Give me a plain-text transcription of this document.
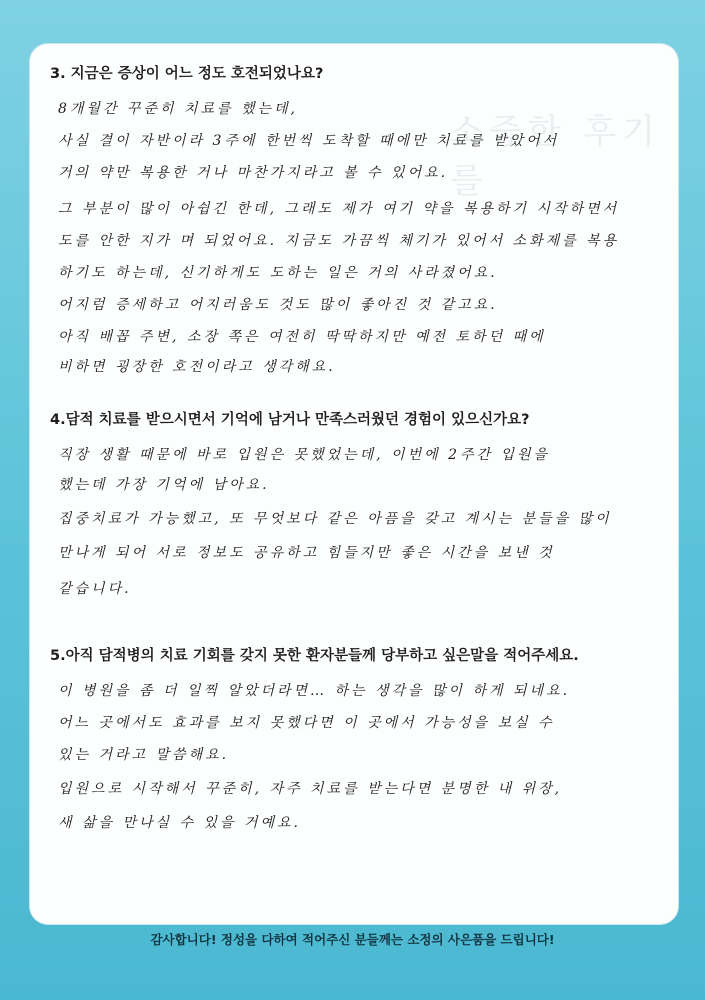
소중한 후기를
3. 지금은 증상이 어느 정도 호전되었나요?
8개월간 꾸준히 치료를 했는데,
사실 결이 자반이라 3주에 한번씩 도착할 때에만 치료를 받았어서
거의 약만 복용한 거나 마찬가지라고 볼 수 있어요.
그 부분이 많이 아쉽긴 한데, 그래도 제가 여기 약을 복용하기 시작하면서
도를 안한 지가 며 되었어요. 지금도 가끔씩 체기가 있어서 소화제를 복용
하기도 하는데, 신기하게도 도하는 일은 거의 사라졌어요.
어지럼 증세하고 어지러움도 것도 많이 좋아진 것 같고요.
아직 배꼽 주변, 소장 쪽은 여전히 딱딱하지만 예전 토하던 때에
비하면 굉장한 호전이라고 생각해요.
4.담적 치료를 받으시면서 기억에 남거나 만족스러웠던 경험이 있으신가요?
직장 생활 때문에 바로 입원은 못했었는데, 이번에 2주간 입원을
했는데 가장 기억에 남아요.
집중치료가 가능했고, 또 무엇보다 같은 아픔을 갖고 계시는 분들을 많이
만나게 되어 서로 정보도 공유하고 힘들지만 좋은 시간을 보낸 것
같습니다.
5.아직 담적병의 치료 기회를 갖지 못한 환자분들께 당부하고 싶은말을 적어주세요.
이 병원을 좀 더 일찍 알았더라면… 하는 생각을 많이 하게 되네요.
어느 곳에서도 효과를 보지 못했다면 이 곳에서 가능성을 보실 수
있는 거라고 말씀해요.
입원으로 시작해서 꾸준히, 자주 치료를 받는다면 분명한 내 위장,
새 삶을 만나실 수 있을 거예요.
감사합니다! 정성을 다하여 적어주신 분들께는 소정의 사은품을 드립니다!
